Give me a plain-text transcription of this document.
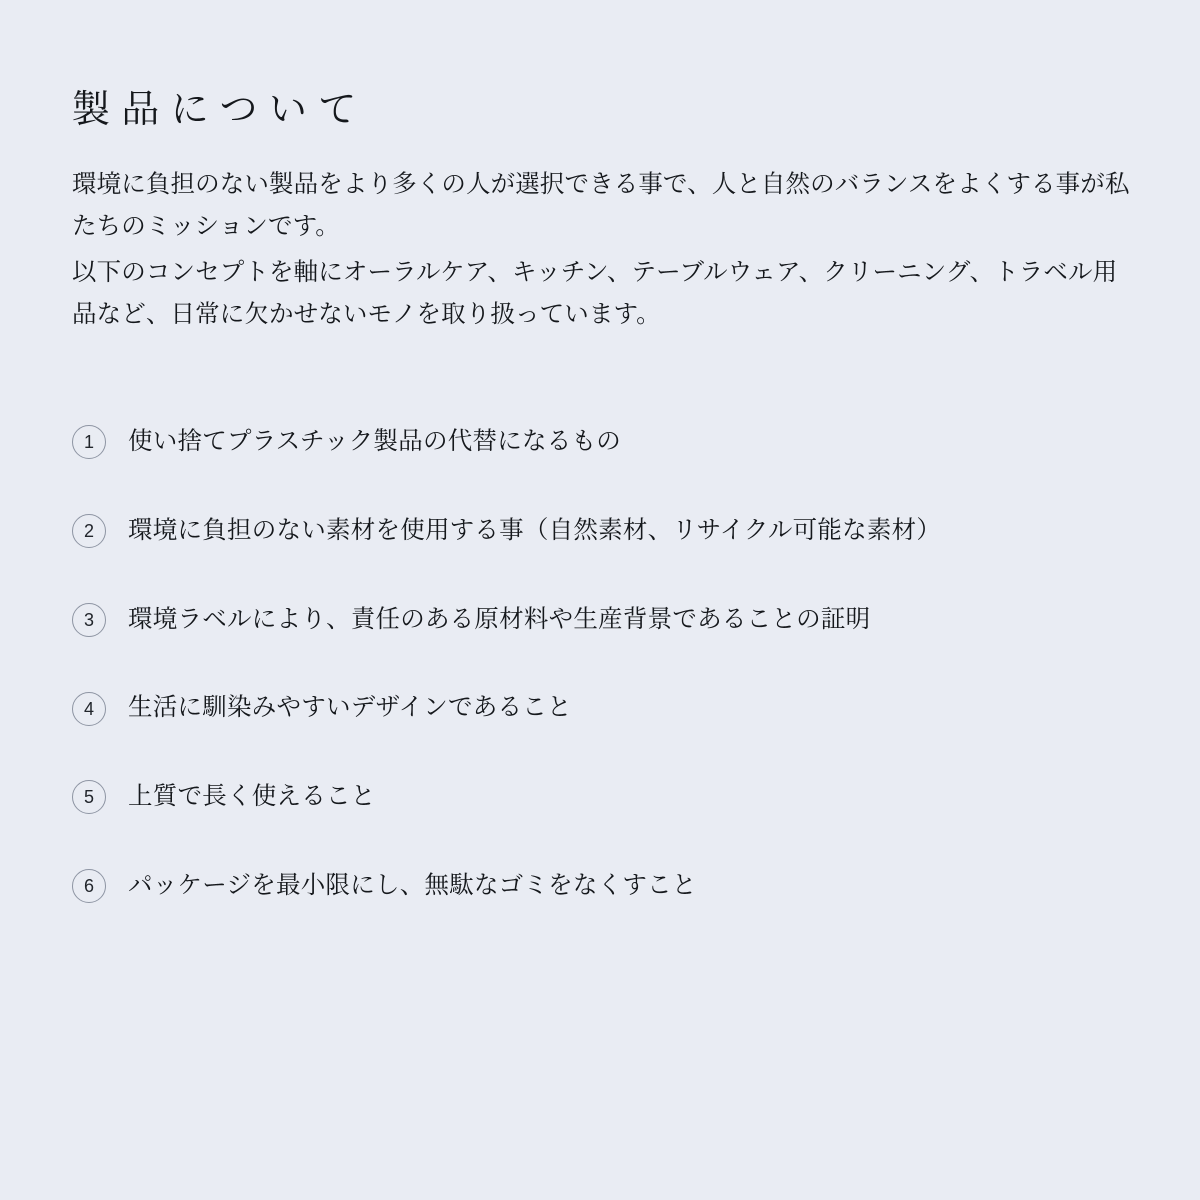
製品について

環境に負担のない製品をより多くの人が選択できる事で、人と自然のバランスをよくする事が私たちのミッションです。

以下のコンセプトを軸にオーラルケア、キッチン、テーブルウェア、クリーニング、トラベル用品など、日常に欠かせないモノを取り扱っています。

1	使い捨てプラスチック製品の代替になるもの
2	環境に負担のない素材を使用する事（自然素材、リサイクル可能な素材）
3	環境ラベルにより、責任のある原材料や生産背景であることの証明
4	生活に馴染みやすいデザインであること
5	上質で長く使えること
6	パッケージを最小限にし、無駄なゴミをなくすこと
